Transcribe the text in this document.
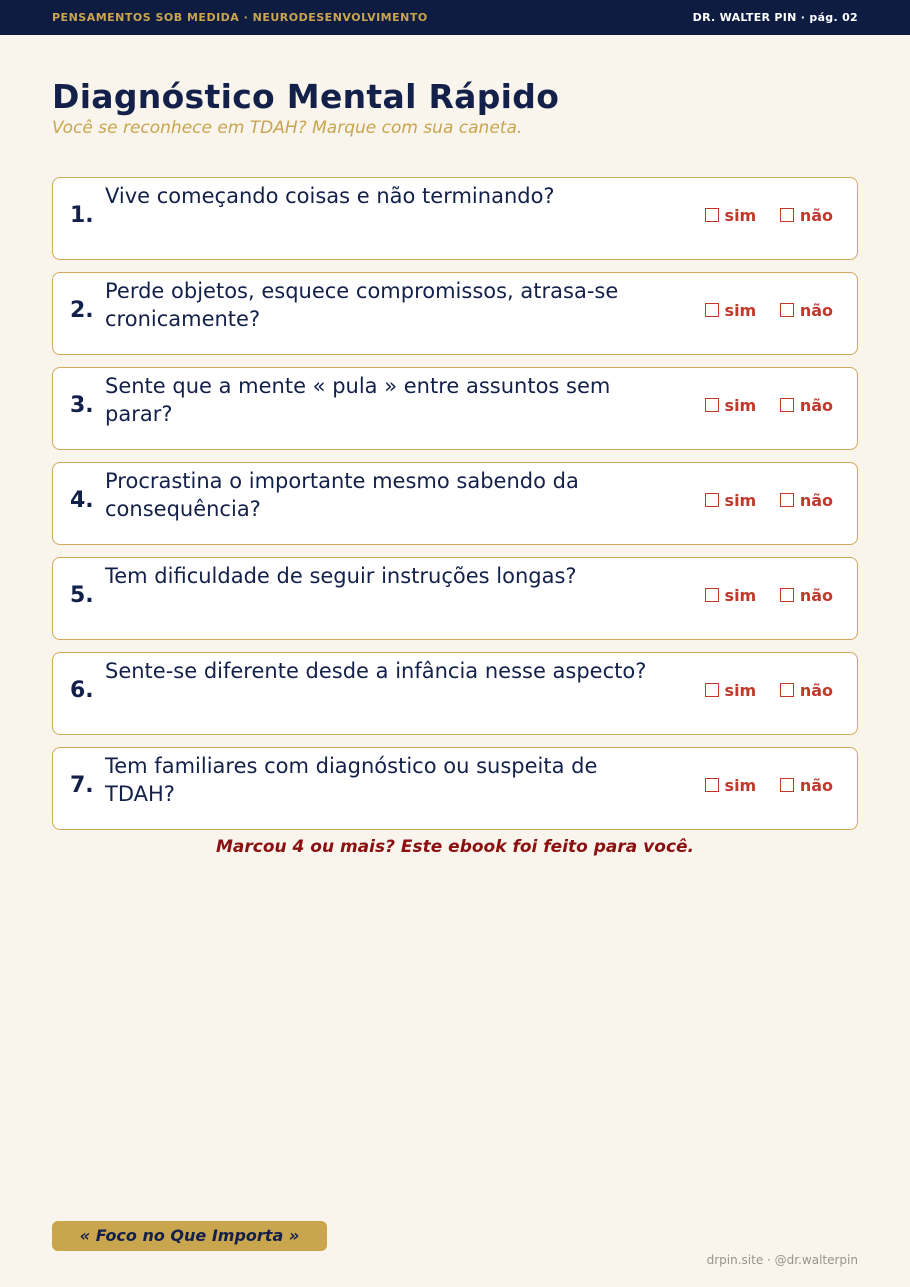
PENSAMENTOS SOB MEDIDA · NEURODESENVOLVIMENTO	DR. WALTER PIN · pág. 02
Diagnóstico Mental Rápido
Você se reconhece em TDAH? Marque com sua caneta.
1.
Vive começando coisas e não terminando?
sim	não
2.
Perde objetos, esquece compromissos, atrasa-se cronicamente?	sim	não
3.
Sente que a mente « pula » entre assuntos sem parar?	sim	não
4.
Procrastina o importante mesmo sabendo da consequência?	sim	não
5.
Tem dificuldade de seguir instruções longas?
sim	não
6.
Sente-se diferente desde a infância nesse aspecto?
sim	não
7.
Tem familiares com diagnóstico ou suspeita de TDAH?	sim	não
Marcou 4 ou mais? Este ebook foi feito para você.
« Foco no Que Importa »
drpin.site · @dr.walterpin
